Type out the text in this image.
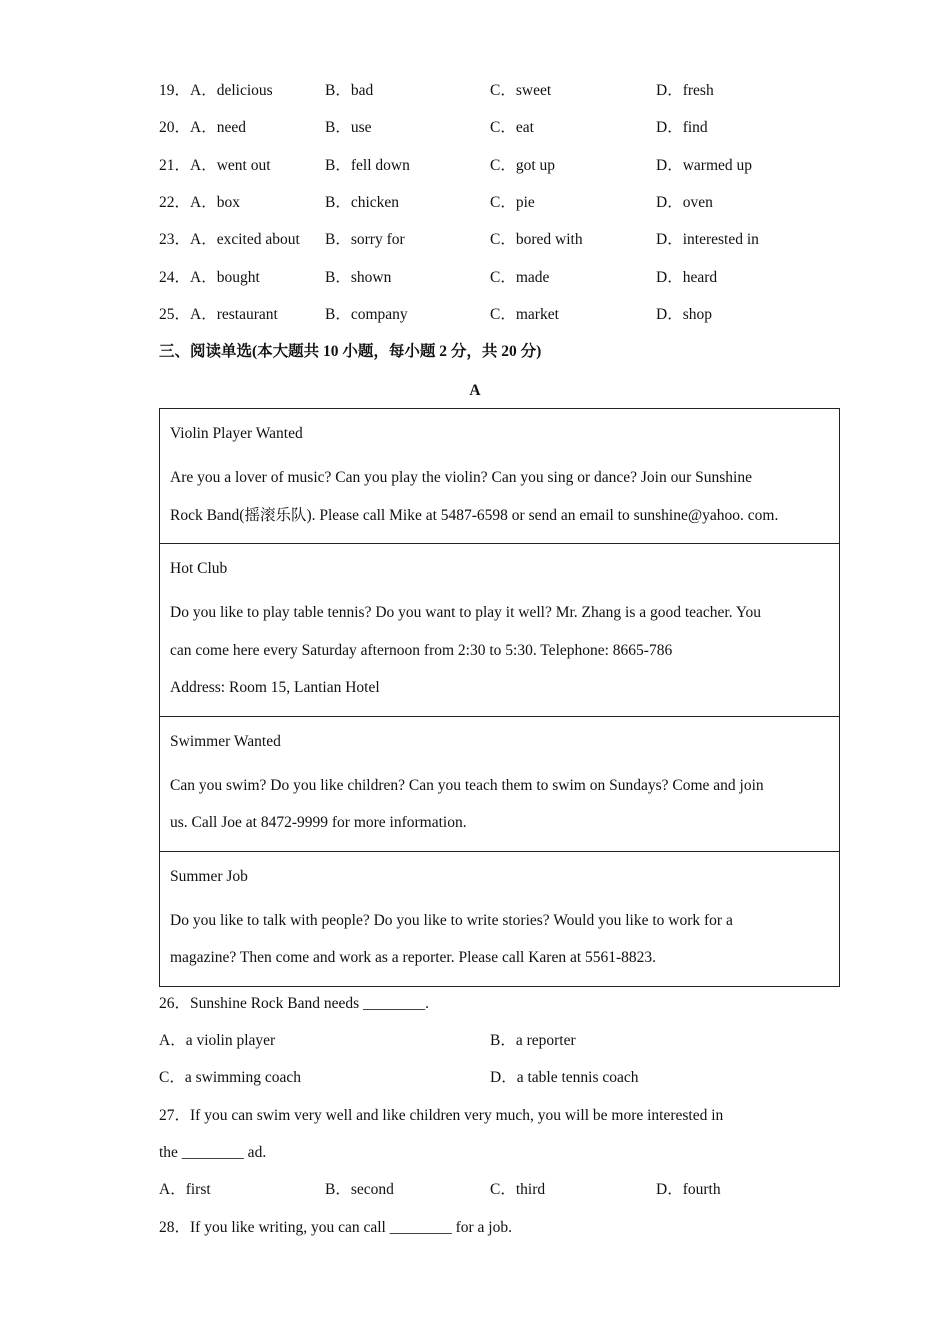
19．A．delicious	B．bad	C．sweet	D．fresh
20．A．need	B．use	C．eat	D．find
21．A．went out	B．fell down	C．got up	D．warmed up
22．A．box	B．chicken	C．pie	D．oven
23．A．excited about B．sorry for	C．bored with	D．interested in
24．A．bought	B．shown	C．made	D．heard
25．A．restaurant	B．company	C．market	D．shop
三、阅读单选(本大题共 10 小题，每小题 2 分，共 20 分)
A
Violin Player Wanted
Are you a lover of music? Can you play the violin? Can you sing or dance? Join our Sunshine
Rock Band(摇滚乐队). Please call Mike at 5487-6598 or send an email to sunshine@yahoo. com.
Hot Club
Do you like to play table tennis? Do you want to play it well? Mr. Zhang is a good teacher. You
can come here every Saturday afternoon from 2:30 to 5:30. Telephone: 8665-786
Address: Room 15, Lantian Hotel
Swimmer Wanted
Can you swim? Do you like children? Can you teach them to swim on Sundays? Come and join
us. Call Joe at 8472-9999 for more information.
Summer Job
Do you like to talk with people? Do you like to write stories? Would you like to work for a
magazine? Then come and work as a reporter. Please call Karen at 5561-8823.
26．Sunshine Rock Band needs ________.
A．a violin player	B．a reporter
C．a swimming coach	D．a table tennis coach
27．If you can swim very well and like children very much, you will be more interested in
the ________ ad.
A．first	B．second	C．third	D．fourth
28．If you like writing, you can call ________ for a job.
